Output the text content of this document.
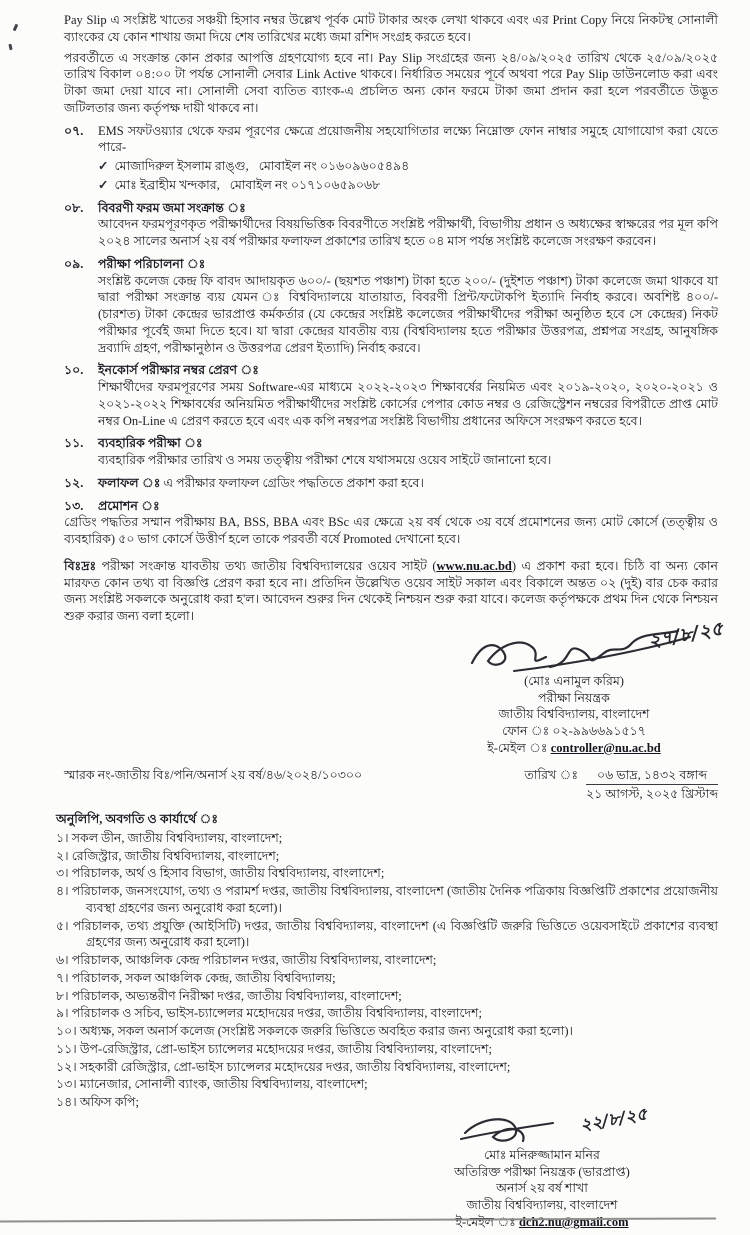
Pay Slip এ সংশ্লিষ্ট খাতের সঞ্চয়ী হিসাব নম্বর উল্লেখ পূর্বক মোট টাকার অংক লেখা থাকবে এবং এর Print Copy নিয়ে নিকটস্থ সোনালী ব্যাংকের যে কোন শাখায় জমা দিয়ে শেষ তারিখের মধ্যে জমা রশিদ সংগ্রহ করতে হবে।

পরবর্তীতে এ সংক্রান্ত কোন প্রকার আপত্তি গ্রহণযোগ্য হবে না। Pay Slip সংগ্রহের জন্য ২৪/০৯/২০২৫ তারিখ থেকে ২৫/০৯/২০২৫ তারিখ বিকাল ০৪:০০ টা পর্যন্ত সোনালী সেবার Link Active থাকবে। নির্ধারিত সময়ের পূর্বে অথবা পরে Pay Slip ডাউনলোড করা এবং টাকা জমা দেয়া যাবে না। সোনালী সেবা ব্যতিত ব্যাংক-এ প্রচলিত অন্য কোন ফরমে টাকা জমা প্রদান করা হলে পরবর্তীতে উদ্ভূত জটিলতার জন্য কর্তৃপক্ষ দায়ী থাকবে না।

০৭.	EMS সফটওয়্যার থেকে ফরম পূরণের ক্ষেত্রে প্রয়োজনীয় সহযোগিতার লক্ষ্যে নিম্নোক্ত ফোন নাম্বার সমুহে যোগাযোগ করা যেতে পারে-

✓ মোজাদিরুল ইসলাম রাঙ্গু, মোবাইল নং ০১৬০৯৬০৫৪৯৪
✓ মোঃ ইব্রাহীম খন্দকার, মোবাইল নং ০১৭১০৬৫৯০৬৮
০৮.	বিবরণী ফরম জমা সংক্রান্ত ঃ

আবেদন ফরমপূরণকৃত পরীক্ষার্থীদের বিষয়ভিত্তিক বিবরণীতে সংশ্লিষ্ট পরীক্ষার্থী, বিভাগীয় প্রধান ও অধ্যক্ষের স্বাক্ষরের পর মূল কপি ২০২৪ সালের অনার্স ২য় বর্ষ পরীক্ষার ফলাফল প্রকাশের তারিখ হতে ০৪ মাস পর্যন্ত সংশ্লিষ্ট কলেজে সংরক্ষণ করবেন।

০৯.	পরীক্ষা পরিচালনা ঃ

সংশ্লিষ্ট কলেজ কেন্দ্র ফি বাবদ আদায়কৃত ৬০০/- (ছয়শত পঞ্চাশ) টাকা হতে ২০০/- (দুইশত পঞ্চাশ) টাকা কলেজে জমা থাকবে যা দ্বারা পরীক্ষা সংক্রান্ত ব্যয় যেমন ঃ বিশ্ববিদ্যালয়ে যাতায়াত, বিবরণী প্রিন্ট/ফটোকপি ইত্যাদি নির্বাহ করবে। অবশিষ্ট ৪০০/- (চারশত) টাকা কেন্দ্রের ভারপ্রাপ্ত কর্মকর্তার (যে কেন্দ্রের সংশ্লিষ্ট কলেজের পরীক্ষার্থীদের পরীক্ষা অনুষ্ঠিত হবে সে কেন্দ্রের) নিকট পরীক্ষার পূর্বেই জমা দিতে হবে। যা দ্বারা কেন্দ্রের যাবতীয় ব্যয় (বিশ্ববিদ্যালয় হতে পরীক্ষার উত্তরপত্র, প্রশ্নপত্র সংগ্রহ, আনুষঙ্গিক দ্রব্যাদি গ্রহণ, পরীক্ষানুষ্ঠান ও উত্তরপত্র প্রেরণ ইত্যাদি) নির্বাহ করবে।

১০.	ইনকোর্স পরীক্ষার নম্বর প্রেরণ ঃ

শিক্ষার্থীদের ফরমপূরণের সময় Software-এর মাধ্যমে ২০২২-২০২৩ শিক্ষাবর্ষের নিয়মিত এবং ২০১৯-২০২০, ২০২০-২০২১ ও ২০২১-২০২২ শিক্ষাবর্ষের অনিয়মিত পরীক্ষার্থীদের সংশ্লিষ্ট কোর্সের পেপার কোড নম্বর ও রেজিস্ট্রেশন নম্বরের বিপরীতে প্রাপ্ত মোট নম্বর On-Line এ প্রেরণ করতে হবে এবং এক কপি নম্বরপত্র সংশ্লিষ্ট বিভাগীয় প্রধানের অফিসে সংরক্ষণ করতে হবে।

১১.	ব্যবহারিক পরীক্ষা ঃ

ব্যবহারিক পরীক্ষার তারিখ ও সময় তত্ত্বীয় পরীক্ষা শেষে যথাসময়ে ওয়েব সাইটে জানানো হবে।

১২.	ফলাফল ঃ এ পরীক্ষার ফলাফল গ্রেডিং পদ্ধতিতে প্রকাশ করা হবে।

১৩.	প্রমোশন ঃ

গ্রেডিং পদ্ধতির সম্মান পরীক্ষায় BA, BSS, BBA এবং BSc এর ক্ষেত্রে ২য় বর্ষ থেকে ৩য় বর্ষে প্রমোশনের জন্য মোট কোর্সে (তত্ত্বীয় ও ব্যবহারিক) ৫০ ভাগ কোর্সে উত্তীর্ণ হলে তাকে পরবর্তী বর্ষে Promoted দেখানো হবে।

বিঃদ্রঃ পরীক্ষা সংক্রান্ত যাবতীয় তথ্য জাতীয় বিশ্ববিদ্যালয়ের ওয়েব সাইট (www.nu.ac.bd) এ প্রকাশ করা হবে। চিঠি বা অন্য কোন মারফত কোন তথ্য বা বিজ্ঞপ্তি প্রেরণ করা হবে না। প্রতিদিন উল্লেখিত ওয়েব সাইট সকাল এবং বিকালে অন্তত ০২ (দুই) বার চেক করার জন্য সংশ্লিষ্ট সকলকে অনুরোধ করা হ'ল। আবেদন শুরুর দিন থেকেই নিশ্চয়ন শুরু করা যাবে। কলেজ কর্তৃপক্ষকে প্রথম দিন থেকে নিশ্চয়ন শুরু করার জন্য বলা হলো।

২৭/৮/২৫
(মোঃ এনামুল করিম)
পরীক্ষা নিয়ন্ত্রক
জাতীয় বিশ্ববিদ্যালয়, বাংলাদেশ
ফোন ঃ ০২-৯৯৬৬৯১৫১৭
ই-মেইল ঃ controller@nu.ac.bd
স্মারক নং-জাতীয় বিঃ/পনি/অনার্স ২য় বর্ষ/৪৬/২০২৪/১০৩০০	তারিখ ঃ	০৬ ভাদ্র, ১৪৩২ বঙ্গাব্দ
২১ আগস্ট, ২০২৫ খ্রিস্টাব্দ
অনুলিপি, অবগতি ও কার্যার্থে ঃ

১। সকল ডীন, জাতীয় বিশ্ববিদ্যালয়, বাংলাদেশ;

২। রেজিস্ট্রার, জাতীয় বিশ্ববিদ্যালয়, বাংলাদেশ;

৩। পরিচালক, অর্থ ও হিসাব বিভাগ, জাতীয় বিশ্ববিদ্যালয়, বাংলাদেশ;

৪। পরিচালক, জনসংযোগ, তথ্য ও পরামর্শ দপ্তর, জাতীয় বিশ্ববিদ্যালয়, বাংলাদেশ (জাতীয় দৈনিক পত্রিকায় বিজ্ঞপ্তিটি প্রকাশের প্রয়োজনীয় ব্যবস্থা গ্রহণের জন্য অনুরোধ করা হলো)।

৫। পরিচালক, তথ্য প্রযুক্তি (আইসিটি) দপ্তর, জাতীয় বিশ্ববিদ্যালয়, বাংলাদেশ (এ বিজ্ঞপ্তিটি জরুরি ভিত্তিতে ওয়েবসাইটে প্রকাশের ব্যবস্থা গ্রহণের জন্য অনুরোধ করা হলো)।

৬। পরিচালক, আঞ্চলিক কেন্দ্র পরিচালন দপ্তর, জাতীয় বিশ্ববিদ্যালয়, বাংলাদেশ;

৭। পরিচালক, সকল আঞ্চলিক কেন্দ্র, জাতীয় বিশ্ববিদ্যালয়;

৮। পরিচালক, অভ্যন্তরীণ নিরীক্ষা দপ্তর, জাতীয় বিশ্ববিদ্যালয়, বাংলাদেশ;

৯। পরিচালক ও সচিব, ভাইস-চ্যান্সেলর মহোদয়ের দপ্তর, জাতীয় বিশ্ববিদ্যালয়, বাংলাদেশ;

১০। অধ্যক্ষ, সকল অনার্স কলেজ (সংশ্লিষ্ট সকলকে জরুরি ভিত্তিতে অবহিত করার জন্য অনুরোধ করা হলো)।

১১। উপ-রেজিস্ট্রার, প্রো-ভাইস চ্যান্সেলর মহোদয়ের দপ্তর, জাতীয় বিশ্ববিদ্যালয়, বাংলাদেশ;

১২। সহকারী রেজিস্ট্রার, প্রো-ভাইস চ্যান্সেলর মহোদয়ের দপ্তর, জাতীয় বিশ্ববিদ্যালয়, বাংলাদেশ;

১৩। ম্যানেজার, সোনালী ব্যাংক, জাতীয় বিশ্ববিদ্যালয়, বাংলাদেশ;

১৪। অফিস কপি;

২২/৮/২৫
মোঃ মনিরুজ্জামান মনির
অতিরিক্ত পরীক্ষা নিয়ন্ত্রক (ভারপ্রাপ্ত)
অনার্স ২য় বর্ষ শাখা
জাতীয় বিশ্ববিদ্যালয়, বাংলাদেশ
ই-মেইল ঃ dch2.nu@gmail.com
